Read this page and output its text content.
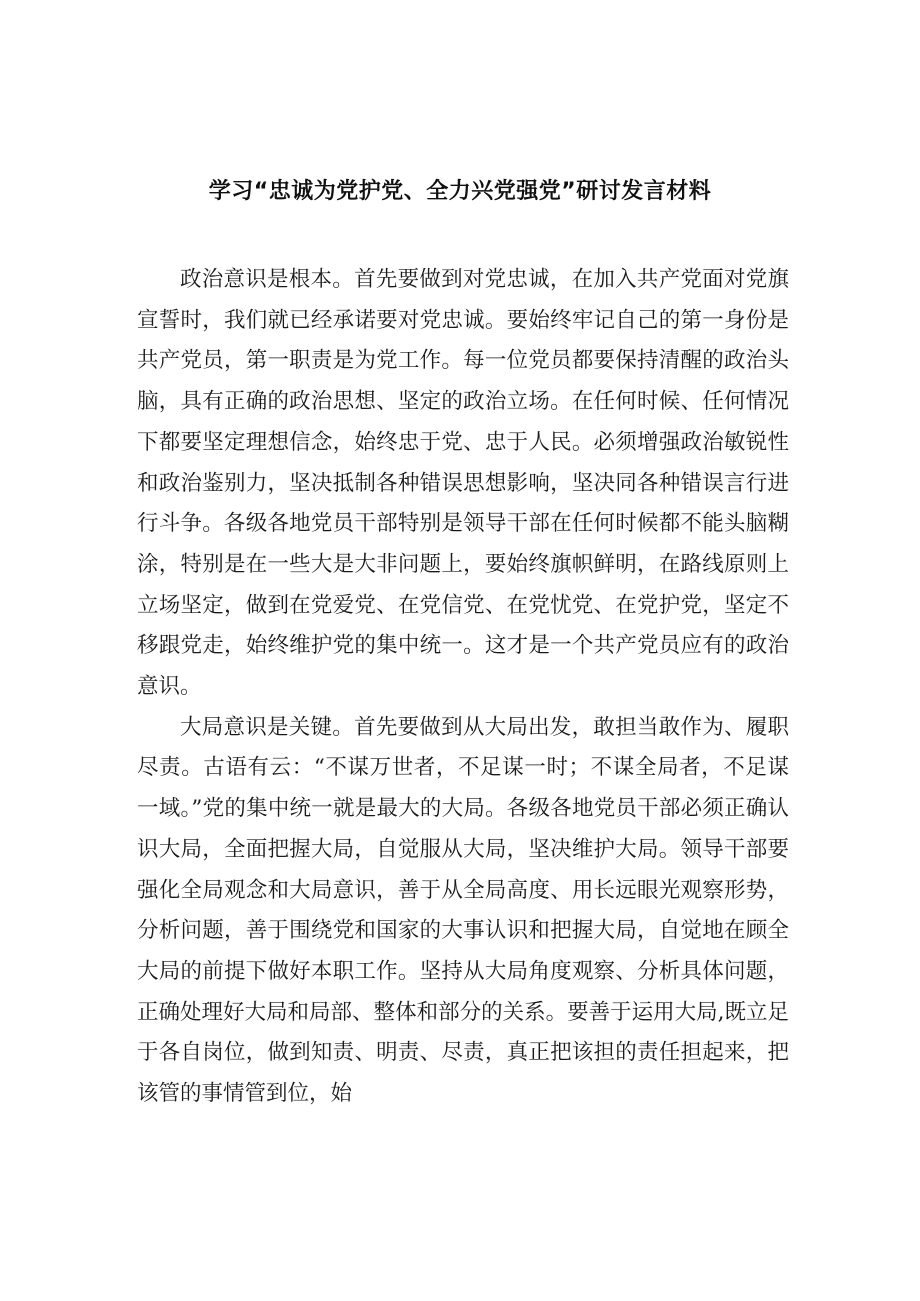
学习“忠诚为党护党、全力兴党强党”研讨发言材料

政治意识是根本。首先要做到对党忠诚，在加入共产党面对党旗宣誓时，我们就已经承诺要对党忠诚。要始终牢记自己的第一身份是共产党员，第一职责是为党工作。每一位党员都要保持清醒的政治头脑，具有正确的政治思想、坚定的政治立场。在任何时候、任何情况下都要坚定理想信念，始终忠于党、忠于人民。必须增强政治敏锐性和政治鉴别力，坚决抵制各种错误思想影响，坚决同各种错误言行进行斗争。各级各地党员干部特别是领导干部在任何时候都不能头脑糊涂，特别是在一些大是大非问题上，要始终旗帜鲜明，在路线原则上立场坚定，做到在党爱党、在党信党、在党忧党、在党护党，坚定不移跟党走，始终维护党的集中统一。这才是一个共产党员应有的政治意识。

大局意识是关键。首先要做到从大局出发，敢担当敢作为、履职尽责。古语有云：“不谋万世者，不足谋一时；不谋全局者，不足谋一域。”党的集中统一就是最大的大局。各级各地党员干部必须正确认识大局，全面把握大局，自觉服从大局，坚决维护大局。领导干部要强化全局观念和大局意识，善于从全局高度、用长远眼光观察形势，分析问题，善于围绕党和国家的大事认识和把握大局，自觉地在顾全大局的前提下做好本职工作。坚持从大局角度观察、分析具体问题，正确处理好大局和局部、整体和部分的关系。要善于运用大局,既立足于各自岗位，做到知责、明责、尽责，真正把该担的责任担起来，把该管的事情管到位，始
